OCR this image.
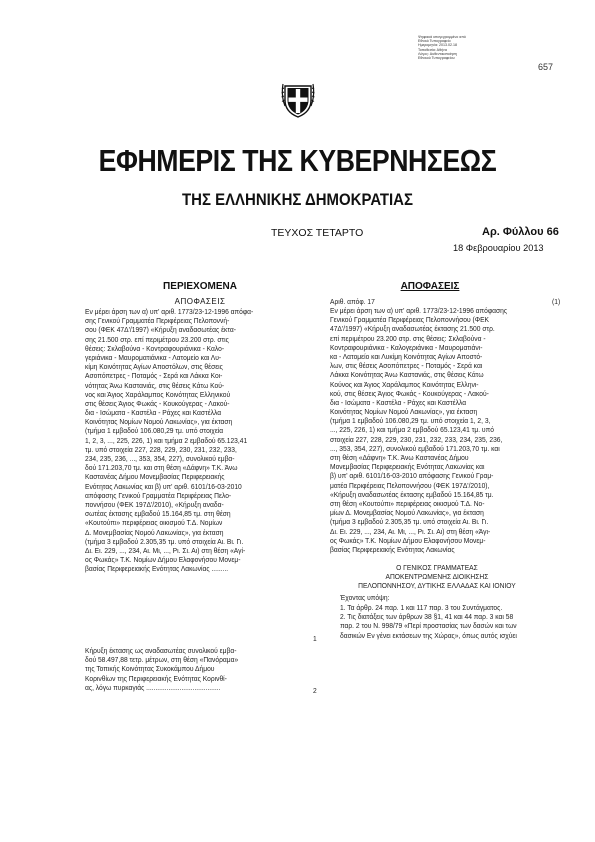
Ψηφιακά υπογεγραμμένο από
Εθνικό Τυπογραφείο
Ημερομηνία: 2013.02.18
Τοποθεσία: Αθήνα
Λόγος: Αυθεντικοποίηση
Εθνικού Τυπογραφείου
657
ΕΦΗΜΕΡΙΣ ΤΗΣ ΚΥΒΕΡΝΗΣΕΩΣ
ΤΗΣ ΕΛΛΗΝΙΚΗΣ ΔΗΜΟΚΡΑΤΙΑΣ
ΤΕΥΧΟΣ ΤΕΤΑΡΤΟ	Αρ. Φύλλου 66
18 Φεβρουαρίου 2013
ΠΕΡΙΕΧΟΜΕΝΑ
ΑΠΟΦΑΣΕΙΣ
Εν μέρει άρση των α) υπ' αριθ. 1773/23-12-1996 απόφα-
σης Γενικού Γραμματέα Περιφέρειας Πελοποννή-
σου (ΦΕΚ 47Δ'/1997) «Κήρυξη αναδασωτέας έκτα-
σης 21.500 στρ. επί περιμέτρου 23.200 στρ. στις
θέσεις: Σκλαβούνα - Κοντραφουριάνικα - Καλο-
γεριάνικα - Μαυροματιάνικα - Λατομείο και Λυ-
κίμη Κοινότητας Αγίων Αποστόλων, στις θέσεις
Ασοπόπετρες - Ποταμός - Σερά και Λάκκα Κοι-
νότητας Άνω Καστανιάς, στις θέσεις Κάτω Κού-
νος και Άγιος Χαράλαμπος Κοινότητας Ελληνικού
στις θέσεις Άγιος Φωκάς - Κουκούγερας - Λακού-
δια - Ισώματα - Καστέλα - Ράχες και Καστέλλα
Κοινότητας Νομίων Νομού Λακωνίας», για έκταση
(τμήμα 1 εμβαδού 106.080,29 τμ. υπό στοιχεία
1, 2, 3, ..., 225, 226, 1) και τμήμα 2 εμβαδού 65.123,41
τμ. υπό στοιχεία 227, 228, 229, 230, 231, 232, 233,
234, 235, 236, ..., 353, 354, 227), συνολικού εμβα-
δού 171.203,70 τμ. και στη θέση «Δάφνη» Τ.Κ. Άνω
Καστανέας Δήμου Μονεμβασίας Περιφερειακής
Ενότητας Λακωνίας και β) υπ' αριθ. 6101/16-03-2010
απόφασης Γενικού Γραμματέα Περιφέρειας Πελο-
ποννήσου (ΦΕΚ 197Δ'/2010), «Κήρυξη αναδα-
σωτέας έκτασης εμβαδού 15.164,85 τμ. στη θέση
«Κουτούπι» περιφέρειας οικισμού Τ.Δ. Νομίων
Δ. Μονεμβασίας Νομού Λακωνίας», για έκταση
(τμήμα 3 εμβαδού 2.305,35 τμ. υπό στοιχεία Αι. Βι. Γι.
Δι. Ει. 229, ..., 234, Αι. Μι, ..., Ρι. Σι. Αι) στη θέση «Αγί-
ος Φωκάς» Τ.Κ. Νομίων Δήμου Ελαφονήσου Μονεμ-
βασίας Περιφερειακής Ενότητας Λακωνίας .........
1
Κήρυξη έκτασης ως αναδασωτέας συνολικού εμβα-
δού 58.497,88 τετρ. μέτρων, στη θέση «Πανόραμα»
της Τοπικής Κοινότητας Συκοκάμπου Δήμου
Κορινθίων της Περιφερειακής Ενότητας Κορινθί-
ας, λόγω πυρκαγιάς ........................................	2
ΑΠΟΦΑΣΕΙΣ
Αριθ. απόφ. 17	(1)
Εν μέρει άρση των α) υπ' αριθ. 1773/23-12-1996 απόφασης
Γενικού Γραμματέα Περιφέρειας Πελοποννήσου (ΦΕΚ
47Δ'/1997) «Κήρυξη αναδασωτέας έκτασης 21.500 στρ.
επί περιμέτρου 23.200 στρ. στις θέσεις: Σκλαβούνα -
Κοντραφουριάνικα - Καλογεριάνικα - Μαυροματιάνι-
κα - Λατομείο και Λυκίμη Κοινότητας Αγίων Αποστό-
λων, στις θέσεις Ασοπόπετρες - Ποταμός - Σερά και
Λάκκα Κοινότητας Άνω Καστανιάς, στις θέσεις Κάτω
Κούνος και Άγιος Χαράλαμπος Κοινότητας Ελληνι-
κού, στις θέσεις Άγιος Φωκάς - Κουκούγερας - Λακού-
δια - Ισώματα - Καστέλα - Ράχες και Καστέλλα
Κοινότητας Νομίων Νομού Λακωνίας», για έκταση
(τμήμα 1 εμβαδού 106.080,29 τμ. υπό στοιχεία 1, 2, 3,
..., 225, 226, 1) και τμήμα 2 εμβαδού 65.123,41 τμ. υπό
στοιχεία 227, 228, 229, 230, 231, 232, 233, 234, 235, 236,
..., 353, 354, 227), συνολικού εμβαδού 171.203,70 τμ. και
στη θέση «Δάφνη» Τ.Κ. Άνω Καστανέας Δήμου
Μονεμβασίας Περιφερειακής Ενότητας Λακωνίας και
β) υπ' αριθ. 6101/16-03-2010 απόφασης Γενικού Γραμ-
ματέα Περιφέρειας Πελοποννήσου (ΦΕΚ 197Δ'/2010),
«Κήρυξη αναδασωτέας έκτασης εμβαδού 15.164,85 τμ.
στη θέση «Κουτούπι» περιφέρειας οικισμού Τ.Δ. Νο-
μίων Δ. Μονεμβασίας Νομού Λακωνίας», για έκταση
(τμήμα 3 εμβαδού 2.305,35 τμ. υπό στοιχεία Αι. Βι. Γι.
Δι. Ει. 229, ..., 234, Αι. Μι, ..., Ρι. Σι. Αι) στη θέση «Άγι-
ος Φωκάς» Τ.Κ. Νομίων Δήμου Ελαφονήσου Μονεμ-
βασίας Περιφερειακής Ενότητας Λακωνίας
Ο ΓΕΝΙΚΟΣ ΓΡΑΜΜΑΤΕΑΣ
ΑΠΟΚΕΝΤΡΩΜΕΝΗΣ ΔΙΟΙΚΗΣΗΣ
ΠΕΛΟΠΟΝΝΗΣΟΥ, ΔΥΤΙΚΗΣ ΕΛΛΑΔΑΣ ΚΑΙ ΙΟΝΙΟΥ
Έχοντας υπόψη:
1. Τα άρθρ. 24 παρ. 1 και 117 παρ. 3 του Συντάγματος.
2. Τις διατάξεις των άρθρων 38 §1, 41 και 44 παρ. 3 και 58
παρ. 2 του Ν. 998/79 «Περί προστασίας των δασών και των
δασικών Εν γένει εκτάσεων της Χώρας», όπως αυτός ισχύει
